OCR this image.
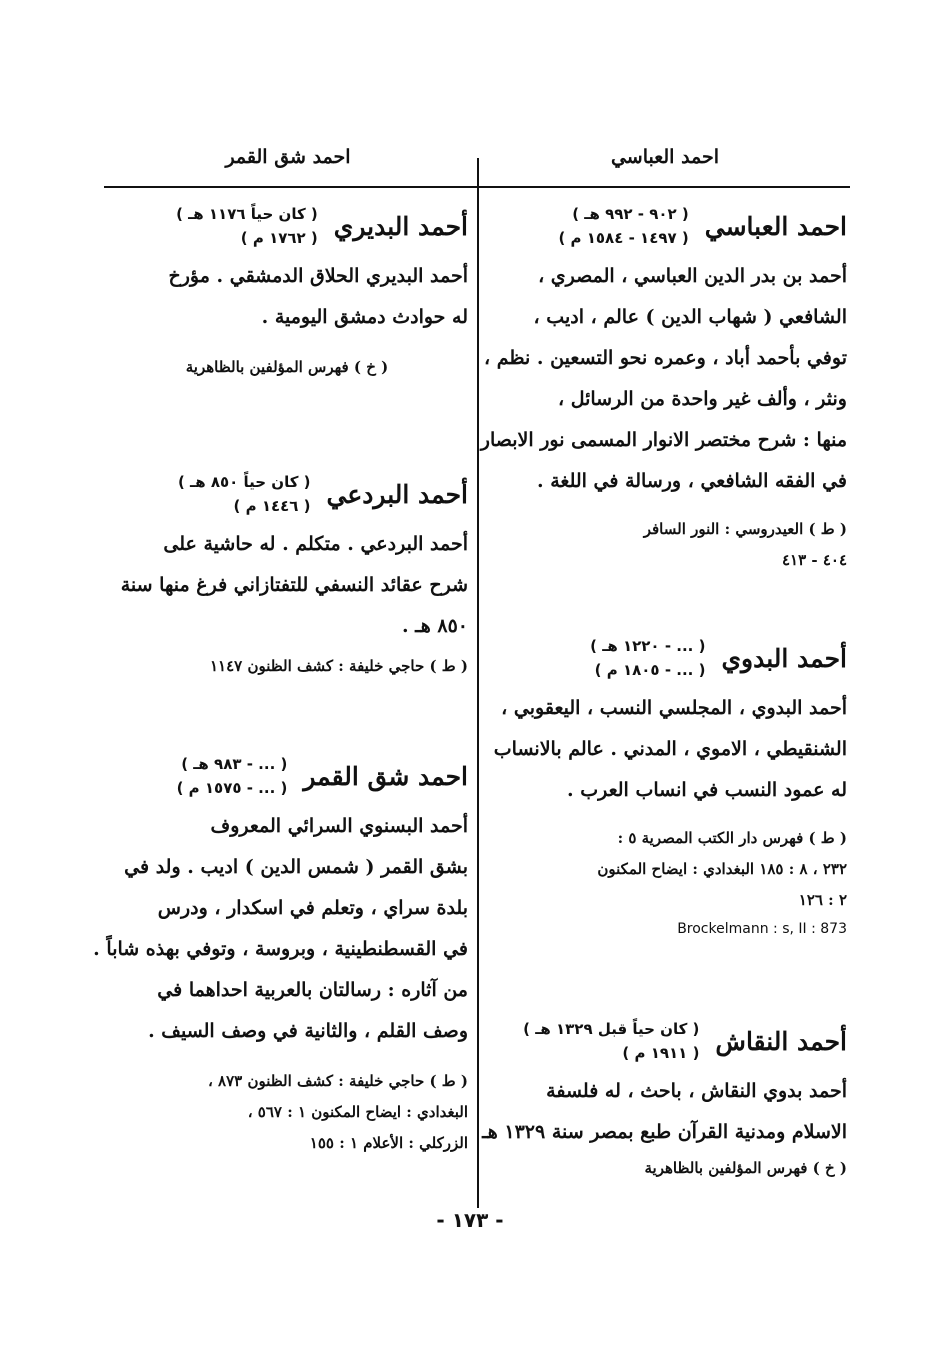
احمد العباسي
احمد شق القمر
احمد العباسي
( ٩٠٢ - ٩٩٢ هـ )
( ١٤٩٧ - ١٥٨٤ م )
أحمد بن بدر الدين العباسي ، المصري ،
الشافعي ( شهاب الدين ) عالم ، اديب ،
توفي بأحمد أباد ، وعمره نحو التسعين . نظم ،
ونثر ، وألف غير واحدة من الرسائل ،
منها : شرح مختصر الانوار المسمى نور الابصار
في الفقه الشافعي ، ورسالة في اللغة .
( ط ) العيدروسي : النور السافر
٤٠٤ - ٤١٣
أحمد البدوي
( ... - ١٢٢٠ هـ )
( ... - ١٨٠٥ م )
أحمد البدوي ، المجلسي النسب ، اليعقوبي ،
الشنقيطي ، الاموي ، المدني . عالم بالانساب
له عمود النسب في انساب العرب .
( ط ) فهرس دار الكتب المصرية ٥ :
٢٣٢ ، ٨ : ١٨٥ البغدادي : ايضاح المكنون
٢ : ١٢٦
Brockelmann : s, II : 873
أحمد النقاش
( كان حياً قبل ١٣٢٩ هـ )
( ١٩١١ م )
أحمد بدوي النقاش ، باحث ، له فلسفة
الاسلام ومدنية القرآن طبع بمصر سنة ١٣٢٩ هـ
( خ ) فهرس المؤلفين بالظاهرية
أحمد البديري
( كان حياً ١١٧٦ هـ )
( ١٧٦٢ م )
أحمد البديري الحلاق الدمشقي . مؤرخ
له حوادث دمشق اليومية .
( خ ) فهرس المؤلفين بالظاهرية
أحمد البردعي
( كان حياً ٨٥٠ هـ )
( ١٤٤٦ م )
أحمد البردعي . متكلم . له حاشية على
شرح عقائد النسفي للتفتازاني فرغ منها سنة
٨٥٠ هـ .
( ط ) حاجي خليفة : كشف الظنون ١١٤٧
احمد شق القمر
( ... - ٩٨٣ هـ )
( ... - ١٥٧٥ م )
أحمد البسنوي السرائي المعروف
بشق القمر ( شمس الدين ) اديب . ولد في
بلدة سراي ، وتعلم في اسكدار ، ودرس
في القسطنطينية ، وبروسة ، وتوفي بهذه شاباً .
من آثاره : رسالتان بالعربية احداهما في
وصف القلم ، والثانية في وصف السيف .
( ط ) حاجي خليفة : كشف الظنون ٨٧٣ ،
البغدادي : ايضاح المكنون ١ : ٥٦٧ ،
الزركلي : الأعلام ١ : ١٥٥
- ١٧٣ -
